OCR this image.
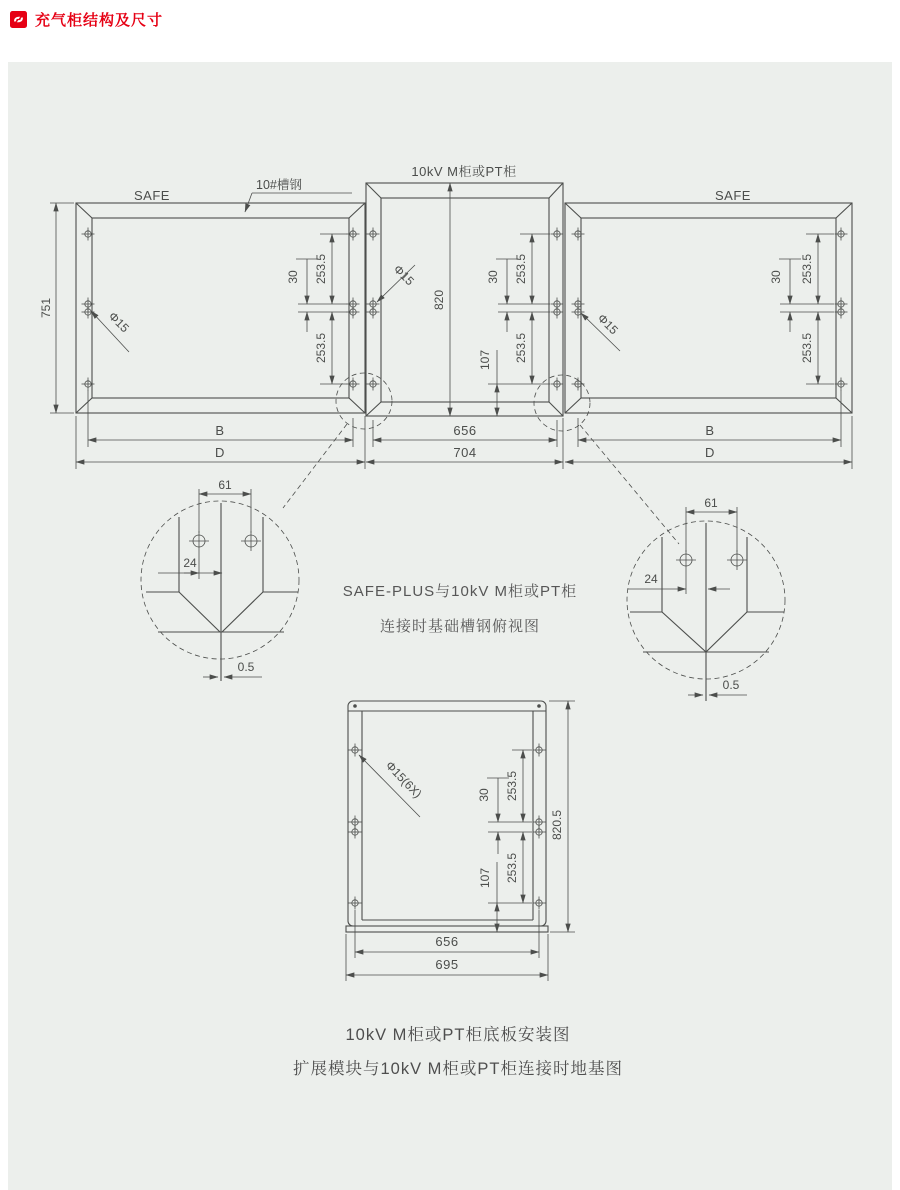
充气柜结构及尺寸
SAFE
10kV M柜或PT柜
SAFE
10#槽钢
751	820
Φ15
Φ15
Φ15
253.5
253.5
30	253.5
253.5
30
107
253.5
253.5
30
B	656	B
D	704	D
61
24
0.5
61
24
0.5
SAFE-PLUS与10kV M柜或PT柜
连接时基础槽钢俯视图
Φ15(6X)	253.5
253.5
30
107
820.5
656
695
10kV M柜或PT柜底板安装图
扩展模块与10kV M柜或PT柜连接时地基图
